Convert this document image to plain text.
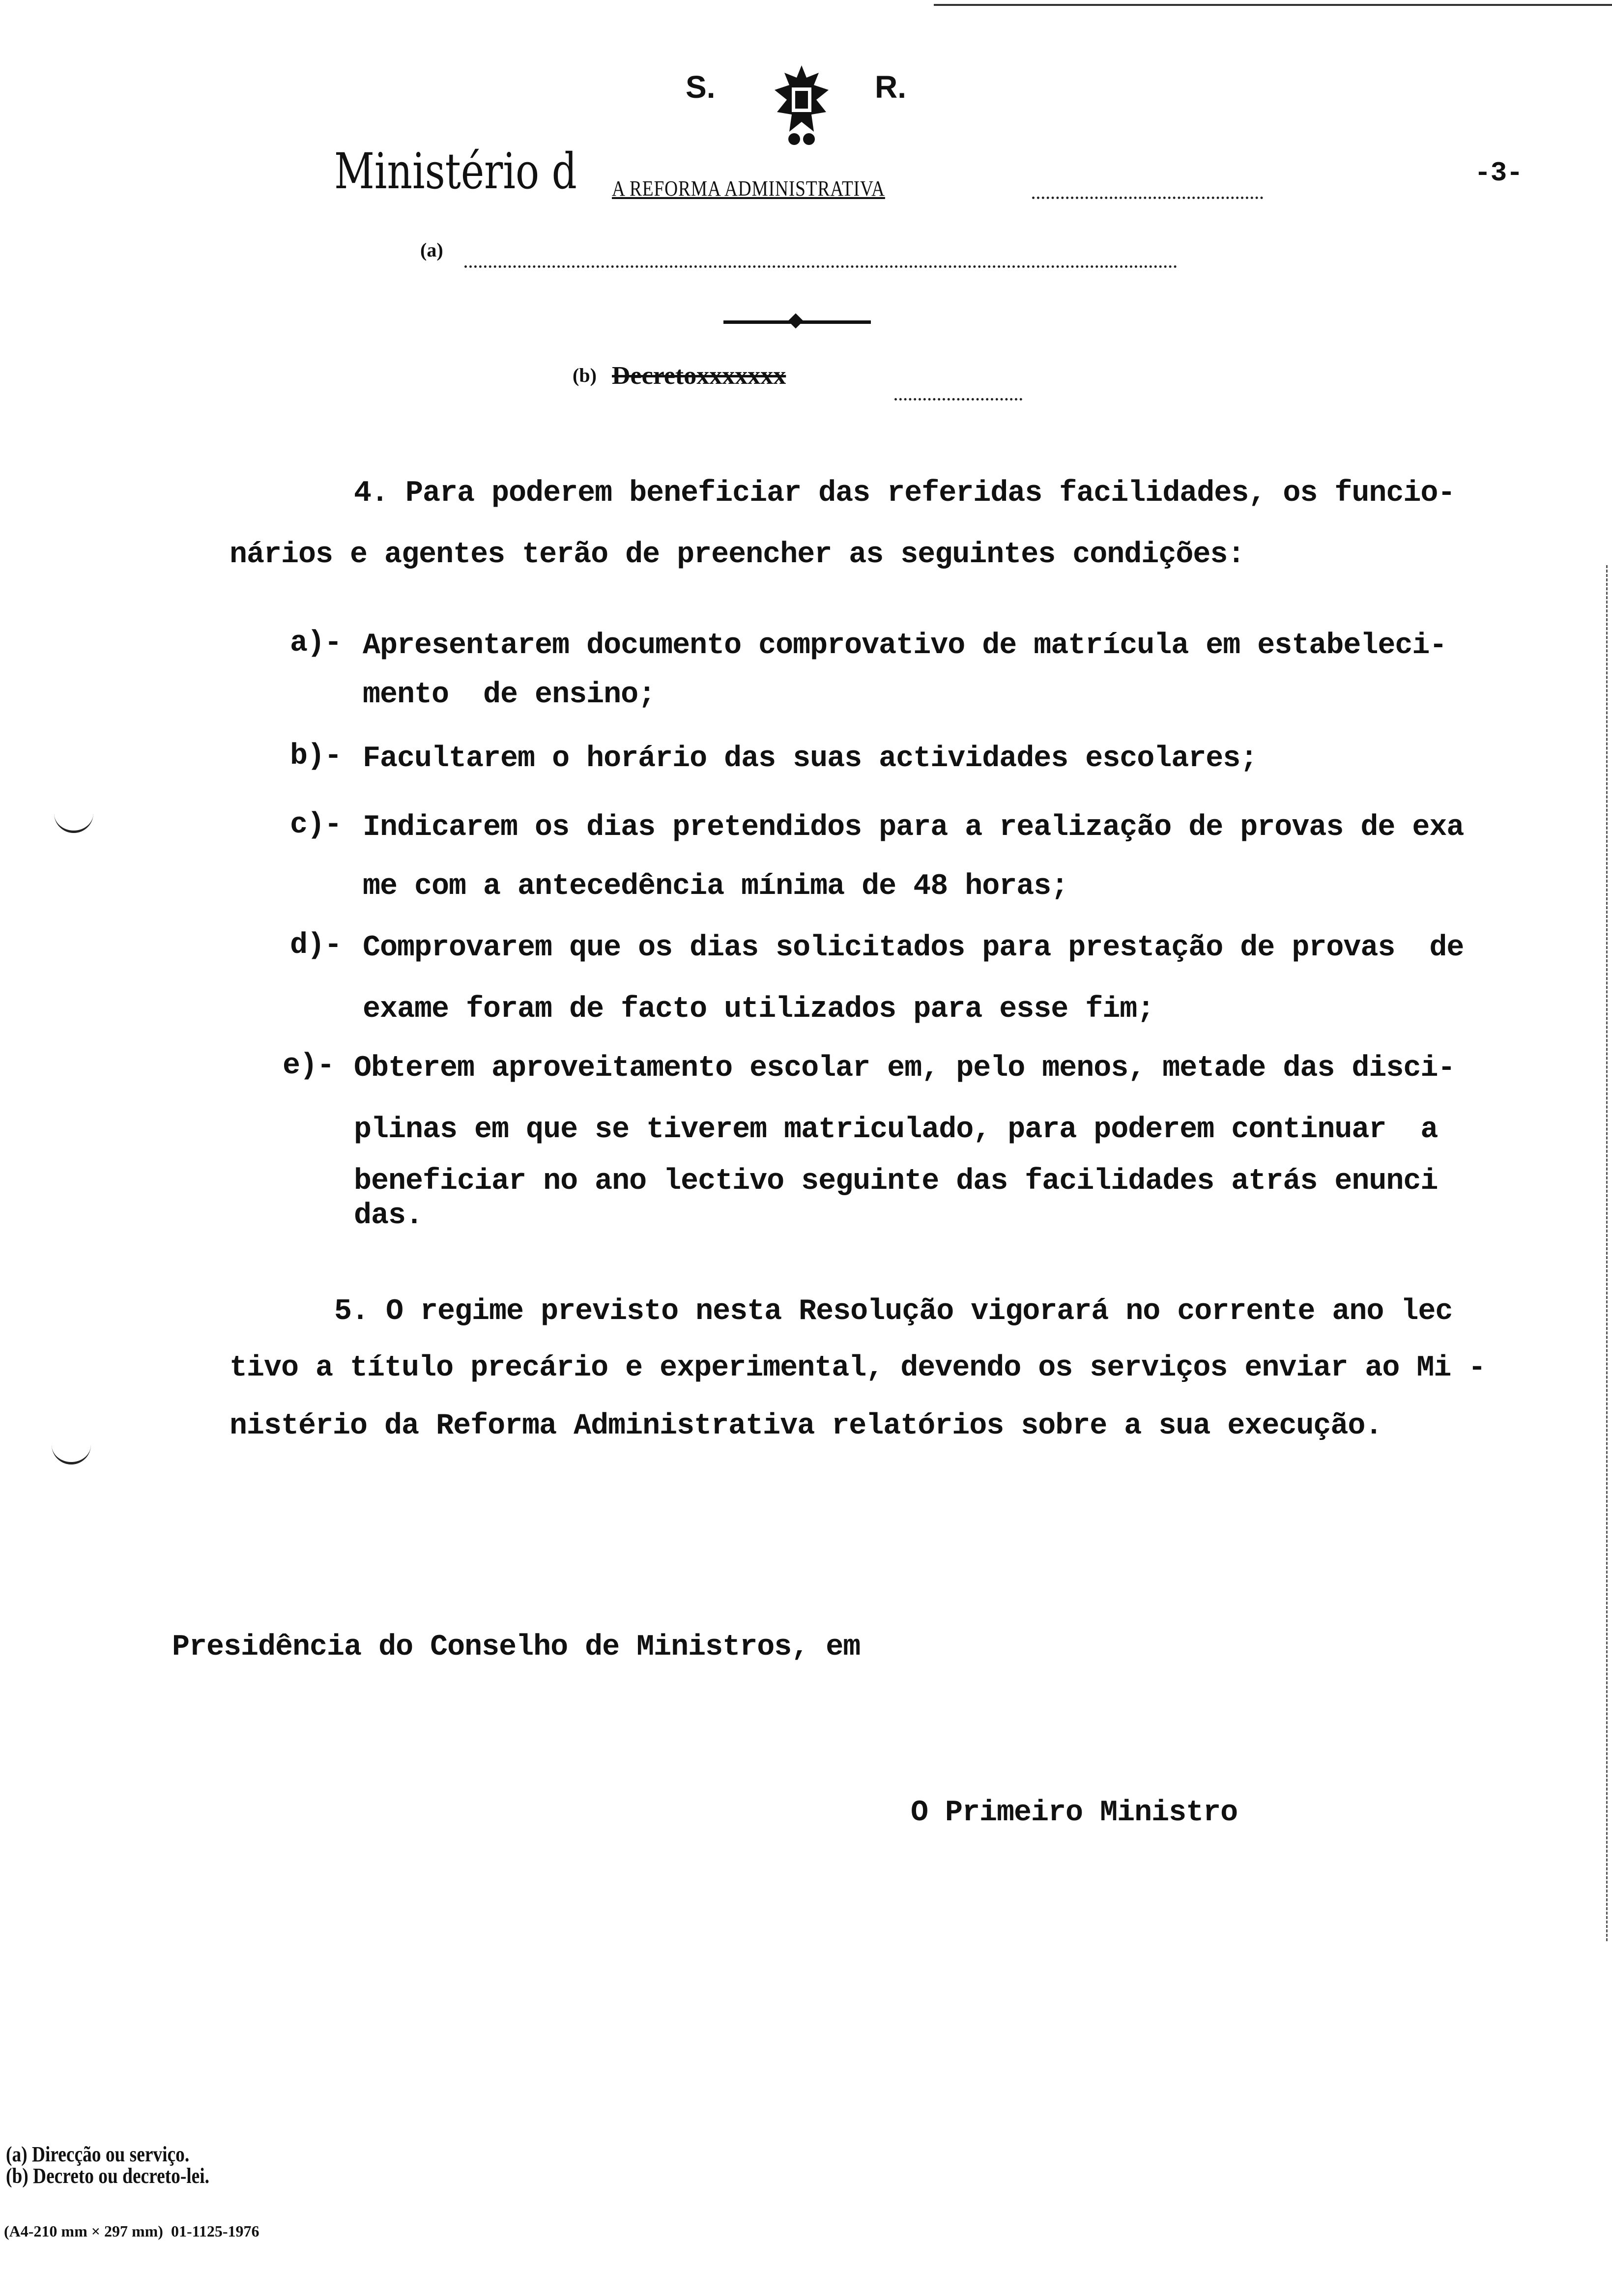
S.

	R.
Ministério d A REFORMA ADMINISTRATIVA	-3-
(a)
(b) Decretoxxxxxxx
4. Para poderem beneficiar das referidas facilidades, os funcio-
nários e agentes terão de preencher as seguintes condições:
a)- Apresentarem documento comprovativo de matrícula em estabeleci-
mento  de ensino;
b)- Facultarem o horário das suas actividades escolares;
c)- Indicarem os dias pretendidos para a realização de provas de exa
me com a antecedência mínima de 48 horas;
d)- Comprovarem que os dias solicitados para prestação de provas  de
exame foram de facto utilizados para esse fim;
e)- Obterem aproveitamento escolar em, pelo menos, metade das disci-
plinas em que se tiverem matriculado, para poderem continuar  a
beneficiar no ano lectivo seguinte das facilidades atrás enunci
das.
5. O regime previsto nesta Resolução vigorará no corrente ano lec
tivo a título precário e experimental, devendo os serviços enviar ao Mi -
nistério da Reforma Administrativa relatórios sobre a sua execução.
Presidência do Conselho de Ministros, em
O Primeiro Ministro
(a) Direcção ou serviço.
(b) Decreto ou decreto-lei.
(A4-210 mm × 297 mm)  01-1125-1976
